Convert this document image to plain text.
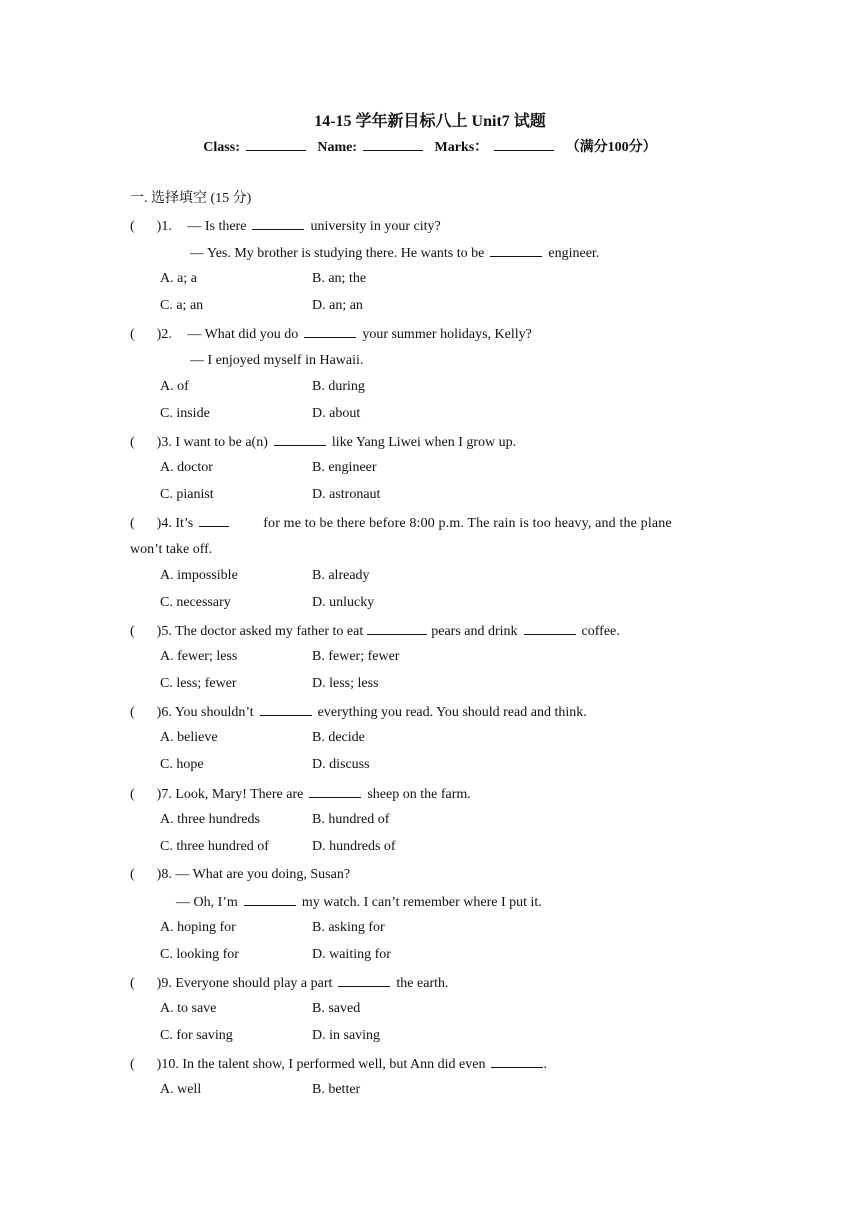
14-15 学年新目标八上 Unit7 试题
Class:	Name:	Marks：	（满分100分）
一. 选择填空 (15 分)
( )1. — Is there	university in your city?
— Yes. My brother is studying there. He wants to be	engineer.
A. a; a	B. an; the
C. a; an	D. an; an
( )2. — What did you do	your summer holidays, Kelly?
— I enjoyed myself in Hawaii.
A. of	B. during
C. inside	D. about
( )3. I want to be a(n)	like Yang Liwei when I grow up.
A. doctor	B. engineer
C. pianist	D. astronaut
( )4. It’s	for me to be there before 8:00 p.m. The rain is too heavy, and the plane
won’t take off.
A. impossible	B. already
C. necessary	D. unlucky
( )5. The doctor asked my father to eat	pears and drink	coffee.
A. fewer; less	B. fewer; fewer
C. less; fewer	D. less; less
( )6. You shouldn’t	everything you read. You should read and think.
A. believe	B. decide
C. hope	D. discuss
( )7. Look, Mary! There are	sheep on the farm.
A. three hundreds	B. hundred of
C. three hundred of	D. hundreds of
( )8. — What are you doing, Susan?
— Oh, I’m	my watch. I can’t remember where I put it.
A. hoping for	B. asking for
C. looking for	D. waiting for
( )9. Everyone should play a part	the earth.
A. to save	B. saved
C. for saving	D. in saving
( )10. In the talent show, I performed well, but Ann did even	.
A. well	B. better
